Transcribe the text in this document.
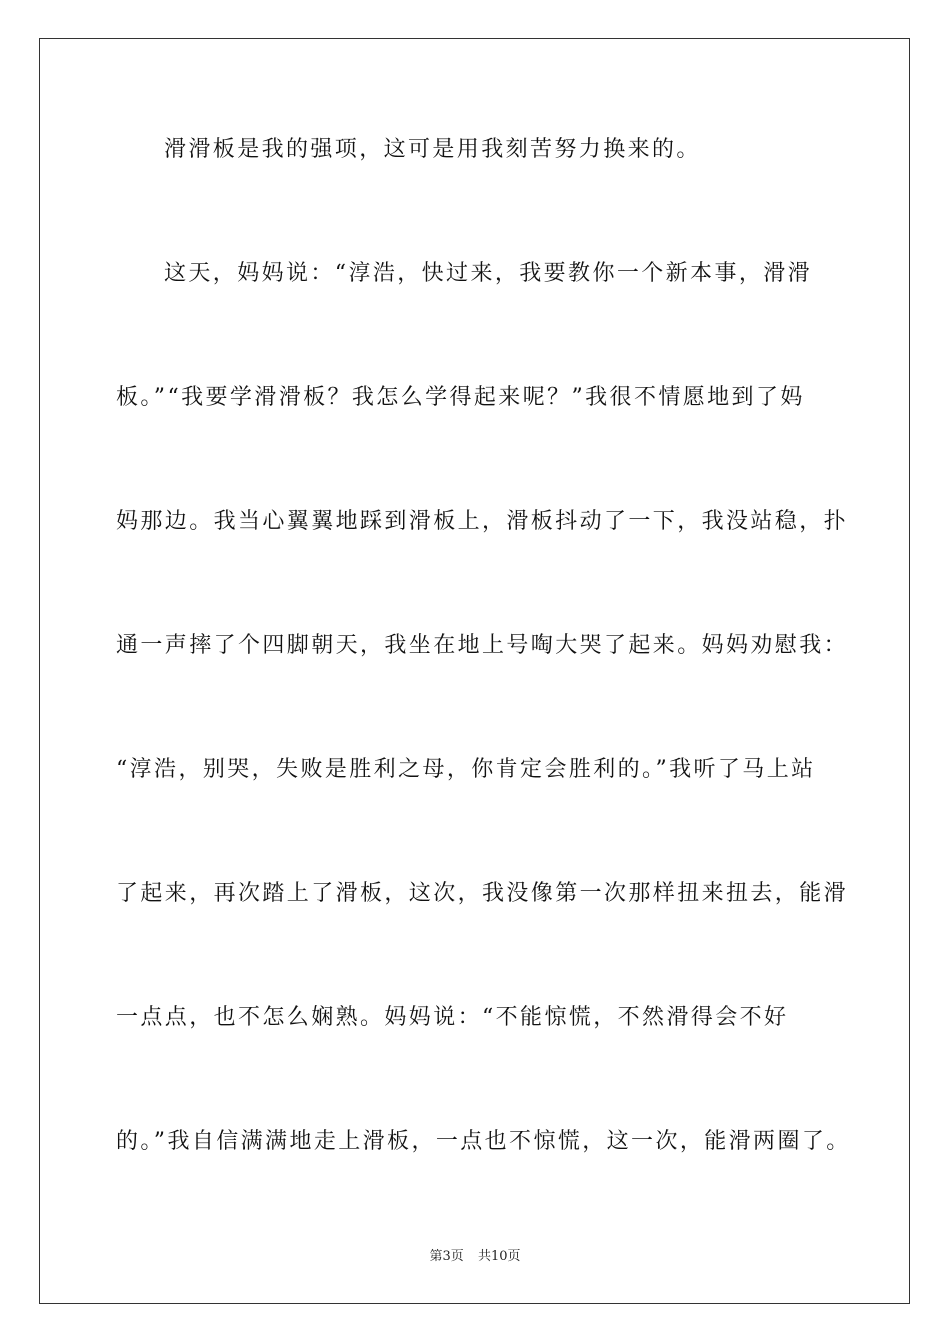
滑滑板是我的强项，这可是用我刻苦努力换来的。
这天，妈妈说：“淳浩，快过来，我要教你一个新本事，滑滑
板。”“我要学滑滑板？我怎么学得起来呢？”我很不情愿地到了妈
妈那边。我当心翼翼地踩到滑板上，滑板抖动了一下，我没站稳，扑
通一声摔了个四脚朝天，我坐在地上号啕大哭了起来。妈妈劝慰我：
“淳浩，别哭，失败是胜利之母，你肯定会胜利的。”我听了马上站
了起来，再次踏上了滑板，这次，我没像第一次那样扭来扭去，能滑
一点点，也不怎么娴熟。妈妈说：“不能惊慌，不然滑得会不好
的。”我自信满满地走上滑板，一点也不惊慌，这一次，能滑两圈了。
第3页 共10页
